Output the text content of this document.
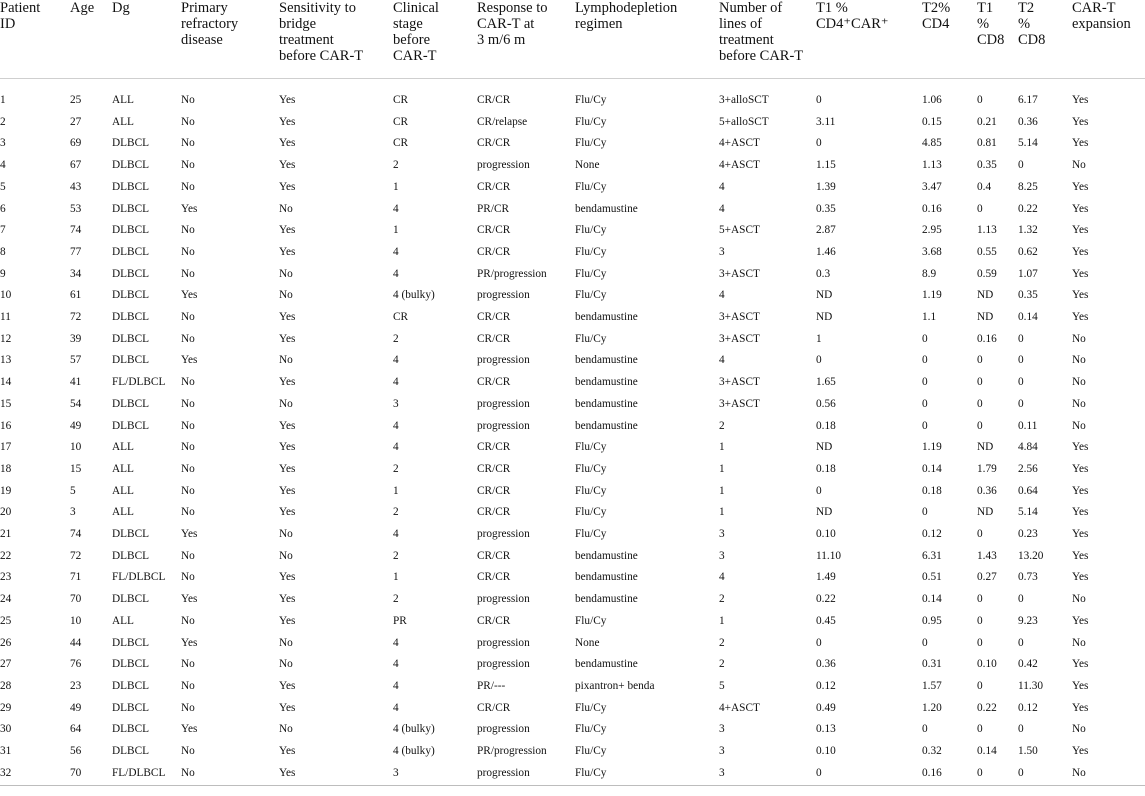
Patient
ID	Age	Dg	Primary
refractory
disease	Sensitivity to
bridge
treatment
before CAR-T	Clinical
stage
before
CAR-T	Response to
CAR-T at
3 m/6 m	Lymphodepletion
regimen	Number of
lines of
treatment
before CAR-T	T1 %
CD4⁺CAR⁺	T2%
CD4	T1
%
CD8	T2
%
CD8	CAR-T
expansion

1	25	ALL	No	Yes	CR	CR/CR	Flu/Cy	3+alloSCT	0	1.06	0	6.17	Yes
2	27	ALL	No	Yes	CR	CR/relapse	Flu/Cy	5+alloSCT	3.11	0.15	0.21	0.36	Yes
3	69	DLBCL	No	Yes	CR	CR/CR	Flu/Cy	4+ASCT	0	4.85	0.81	5.14	Yes
4	67	DLBCL	No	Yes	2	progression	None	4+ASCT	1.15	1.13	0.35	0	No
5	43	DLBCL	No	Yes	1	CR/CR	Flu/Cy	4	1.39	3.47	0.4	8.25	Yes
6	53	DLBCL	Yes	No	4	PR/CR	bendamustine	4	0.35	0.16	0	0.22	Yes
7	74	DLBCL	No	Yes	1	CR/CR	Flu/Cy	5+ASCT	2.87	2.95	1.13	1.32	Yes
8	77	DLBCL	No	Yes	4	CR/CR	Flu/Cy	3	1.46	3.68	0.55	0.62	Yes
9	34	DLBCL	No	No	4	PR/progression	Flu/Cy	3+ASCT	0.3	8.9	0.59	1.07	Yes
10	61	DLBCL	Yes	No	4 (bulky)	progression	Flu/Cy	4	ND	1.19	ND	0.35	Yes
11	72	DLBCL	No	Yes	CR	CR/CR	bendamustine	3+ASCT	ND	1.1	ND	0.14	Yes
12	39	DLBCL	No	Yes	2	CR/CR	Flu/Cy	3+ASCT	1	0	0.16	0	No
13	57	DLBCL	Yes	No	4	progression	bendamustine	4	0	0	0	0	No
14	41	FL/DLBCL	No	Yes	4	CR/CR	bendamustine	3+ASCT	1.65	0	0	0	No
15	54	DLBCL	No	No	3	progression	bendamustine	3+ASCT	0.56	0	0	0	No
16	49	DLBCL	No	Yes	4	progression	bendamustine	2	0.18	0	0	0.11	No
17	10	ALL	No	Yes	4	CR/CR	Flu/Cy	1	ND	1.19	ND	4.84	Yes
18	15	ALL	No	Yes	2	CR/CR	Flu/Cy	1	0.18	0.14	1.79	2.56	Yes
19	5	ALL	No	Yes	1	CR/CR	Flu/Cy	1	0	0.18	0.36	0.64	Yes
20	3	ALL	No	Yes	2	CR/CR	Flu/Cy	1	ND	0	ND	5.14	Yes
21	74	DLBCL	Yes	No	4	progression	Flu/Cy	3	0.10	0.12	0	0.23	Yes
22	72	DLBCL	No	No	2	CR/CR	bendamustine	3	11.10	6.31	1.43	13.20	Yes
23	71	FL/DLBCL	No	Yes	1	CR/CR	bendamustine	4	1.49	0.51	0.27	0.73	Yes
24	70	DLBCL	Yes	Yes	2	progression	bendamustine	2	0.22	0.14	0	0	No
25	10	ALL	No	Yes	PR	CR/CR	Flu/Cy	1	0.45	0.95	0	9.23	Yes
26	44	DLBCL	Yes	No	4	progression	None	2	0	0	0	0	No
27	76	DLBCL	No	No	4	progression	bendamustine	2	0.36	0.31	0.10	0.42	Yes
28	23	DLBCL	No	Yes	4	PR/---	pixantron+ benda	5	0.12	1.57	0	11.30	Yes
29	49	DLBCL	No	Yes	4	CR/CR	Flu/Cy	4+ASCT	0.49	1.20	0.22	0.12	Yes
30	64	DLBCL	Yes	No	4 (bulky)	progression	Flu/Cy	3	0.13	0	0	0	No
31	56	DLBCL	No	Yes	4 (bulky)	PR/progression	Flu/Cy	3	0.10	0.32	0.14	1.50	Yes
32	70	FL/DLBCL	No	Yes	3	progression	Flu/Cy	3	0	0.16	0	0	No
